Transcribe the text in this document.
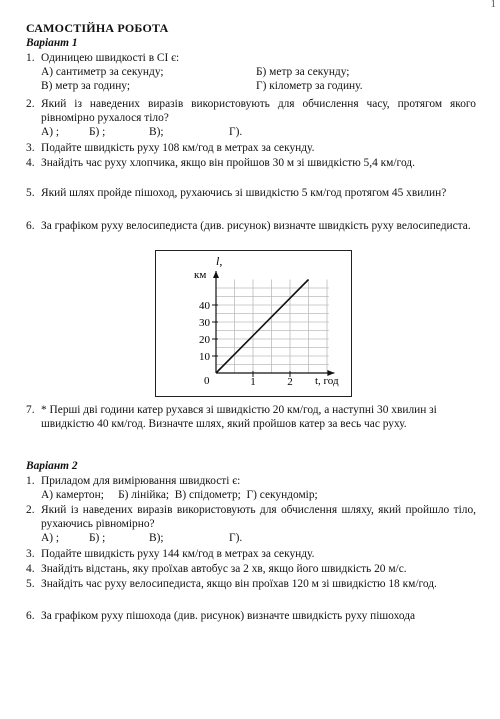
1
САМОСТІЙНА РОБОТА
Варіант 1
1. Одиницею швидкості в СІ є:
А) сантиметр за секунду;	Б) метр за секунду;
В) метр за годину;	Г) кілометр за годину.
2. Який із наведених виразів використовують для обчислення часу, протягом якого рівномірно рухалося тіло?
А) ;	Б) ;	В);	Г).
3. Подайте швидкість руху 108 км/год в метрах за секунду.
4. Знайдіть час руху хлопчика, якщо він пройшов 30 м зі швидкістю 5,4 км/год.
5. Який шлях пройде пішоход, рухаючись зі швидкістю 5 км/год протягом 45 хвилин?
6. За графіком руху велосипедиста (див. рисунок) визначте швидкість руху велосипедиста.
l,
км
t, год
0
10
20
30
40
1	2
7. * Перші дві години катер рухався зі швидкістю 20 км/год, а наступні 30 хвилин зі швидкістю 40 км/год. Визначте шлях, який пройшов катер за весь час руху.
Варіант 2
1. Приладом для вимірювання швидкості є:
А) камертон;     Б) лінійка;  В) спідометр;  Г) секундомір;
2. Який із наведених виразів використовують для обчислення шляху, який пройшло тіло, рухаючись рівномірно?
А) ;	Б) ;	В);	Г).
3. Подайте швидкість руху 144 км/год в метрах за секунду.
4. Знайдіть відстань, яку проїхав автобус за 2 хв, якщо його швидкість 20 м/с.
5. Знайдіть час руху велосипедиста, якщо він проїхав 120 м зі швидкістю 18 км/год.
6. За графіком руху пішохода (див. рисунок) визначте швидкість руху пішохода
